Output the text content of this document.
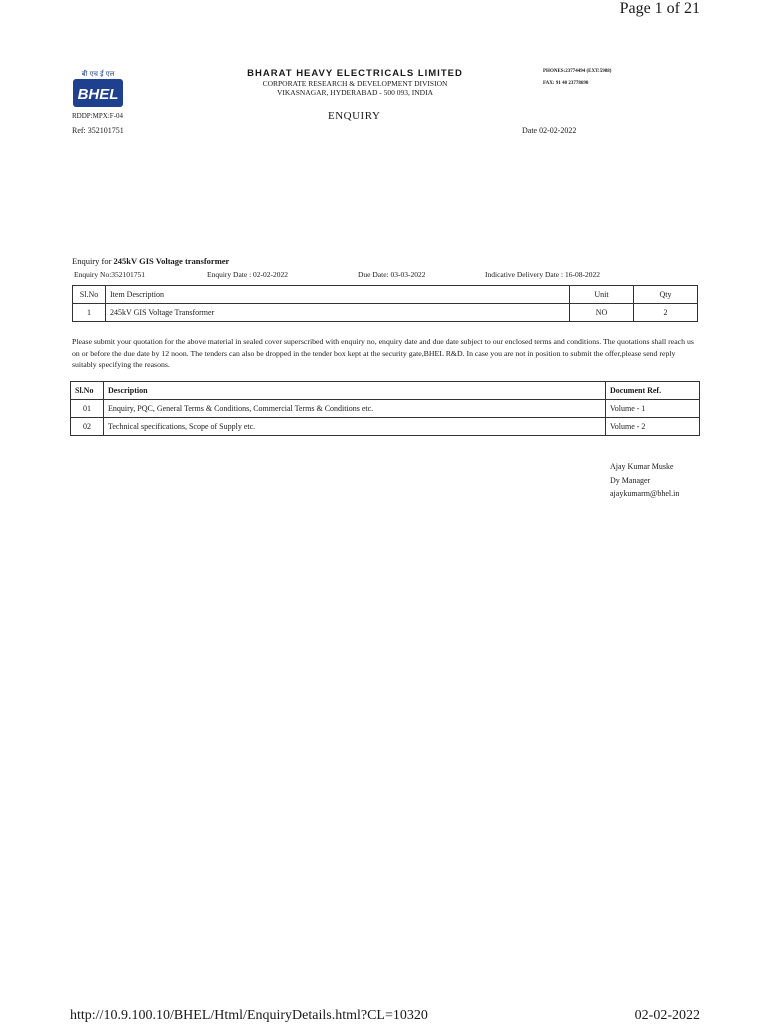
Page 1 of 21
बी एच ई एल
BHEL
BHARAT HEAVY ELECTRICALS LIMITED
CORPORATE RESEARCH & DEVELOPMENT DIVISION
VIKASNAGAR, HYDERABAD - 500 093, INDIA
PHONES:23774494 (EXT:5988)
FAX: 91 40 23778690
RDDP:MPX:F-04	ENQUIRY
Ref: 352101751	Date 02-02-2022
Enquiry for 245kV GIS Voltage transformer
Enquiry No:352101751	Enquiry Date : 02-02-2022	Due Date: 03-03-2022	Indicative Delivery Date : 16-08-2022
Sl.No	Item Description	Unit	Qty
1	245kV GIS Voltage Transformer	NO	2
Please submit your quotation for the above material in sealed cover superscribed with enquiry no, enquiry date and due date subject to our enclosed terms and conditions. The quotations shall reach us on or before the due date by 12 noon. The tenders can also be dropped in the tender box kept at the security gate,BHEL R&D. In case you are not in position to submit the offer,please send reply suitably specifying the reasons.
Sl.No	Description	Document Ref.
01	Enquiry, PQC, General Terms & Conditions, Commercial Terms & Conditions etc.	Volume - 1
02	Technical specifications, Scope of Supply etc.	Volume - 2
Ajay Kumar Muske
Dy Manager
ajaykumarm@bhel.in
http://10.9.100.10/BHEL/Html/EnquiryDetails.html?CL=10320	02-02-2022
